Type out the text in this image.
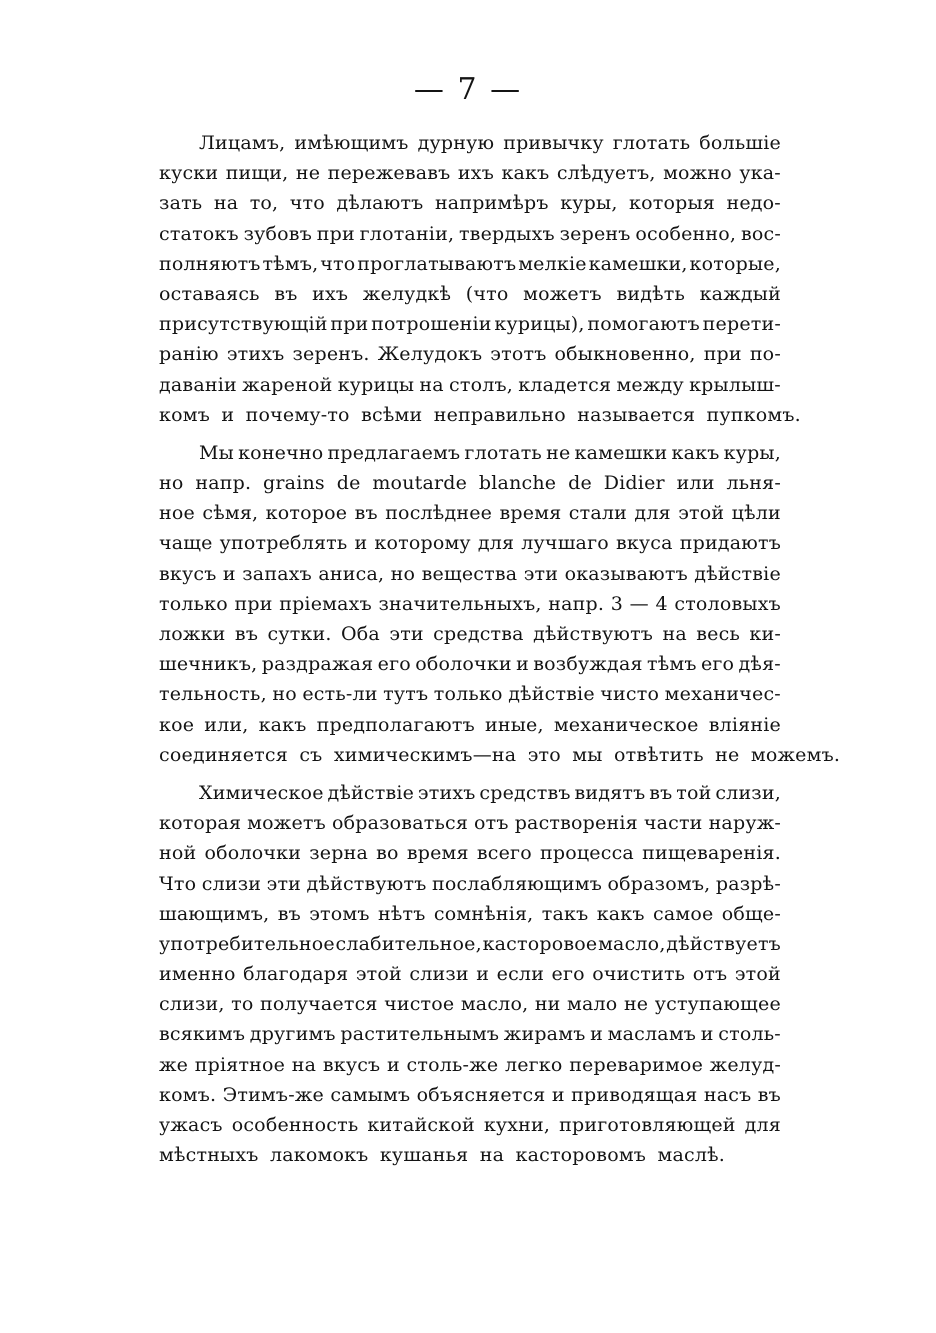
— 7 —
Лицамъ, имѣющимъ дурную привычку глотать большіе
куски пищи, не пережевавъ ихъ какъ слѣдуетъ, можно ука-
зать на то, что дѣлаютъ напримѣръ куры, которыя недо-
статокъ зубовъ при глотаніи, твердыхъ зеренъ особенно, вос-
полняютъ тѣмъ, что проглатываютъ мелкіе камешки, которые,
оставаясь въ ихъ желудкѣ (что можетъ видѣть каждый
присутствующій при потрошеніи курицы), помогаютъ перети-
ранію этихъ зеренъ. Желудокъ этотъ обыкновенно, при по-
даваніи жареной курицы на столъ, кладется между крылыш-
комъ и почему-то всѣми неправильно называется пупкомъ.
Мы конечно предлагаемъ глотать не камешки какъ куры,
но напр. grains de moutarde blanche de Didier или льня-
ное сѣмя, которое въ послѣднее время стали для этой цѣли
чаще употреблять и которому для лучшаго вкуса придаютъ
вкусъ и запахъ аниса, но вещества эти оказываютъ дѣйствіе
только при пріемахъ значительныхъ, напр. 3 — 4 столовыхъ
ложки въ сутки. Оба эти средства дѣйствуютъ на весь ки-
шечникъ, раздражая его оболочки и возбуждая тѣмъ его дѣя-
тельность, но есть-ли тутъ только дѣйствіе чисто механичес-
кое или, какъ предполагаютъ иные, механическое вліяніе
соединяется съ химическимъ—на это мы отвѣтить не можемъ.
Химическое дѣйствіе этихъ средствъ видятъ въ той слизи,
которая можетъ образоваться отъ растворенія части наруж-
ной оболочки зерна во время всего процесса пищеваренія.
Что слизи эти дѣйствуютъ послабляющимъ образомъ, разрѣ-
шающимъ, въ этомъ нѣтъ сомнѣнія, такъ какъ самое обще-
употребительное слабительное, касторовое масло, дѣйствуетъ
именно благодаря этой слизи и если его очистить отъ этой
слизи, то получается чистое масло, ни мало не уступающее
всякимъ другимъ растительнымъ жирамъ и масламъ и столь-
же пріятное на вкусъ и столь-же легко переваримое желуд-
комъ. Этимъ-же самымъ объясняется и приводящая насъ въ
ужасъ особенность китайской кухни, приготовляющей для
мѣстныхъ лакомокъ кушанья на касторовомъ маслѣ.
